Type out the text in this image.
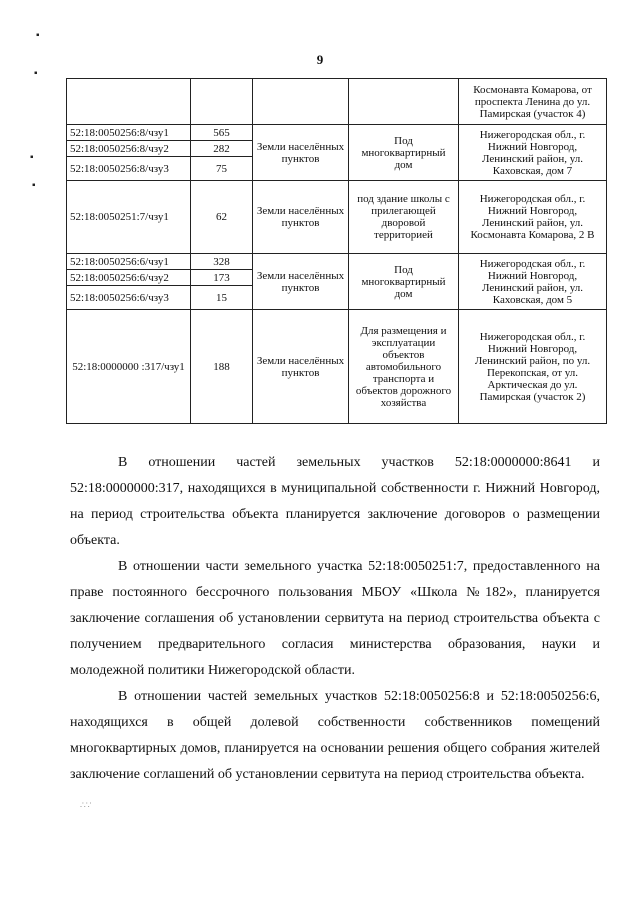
▪
▪
▪
▪
9
				Космонавта Комарова, от проспекта Ленина до ул. Памирская (участок 4)
52:18:0050256:8/чзу1	565	Земли населённых пунктов	Под многоквартирный дом	Нижегородская обл., г. Нижний Новгород, Ленинский район, ул. Каховская, дом 7
52:18:0050256:8/чзу2	282			
52:18:0050256:8/чзу3	75			
52:18:0050251:7/чзу1	62	Земли населённых пунктов	под здание школы с прилегающей дворовой территорией	Нижегородская обл., г. Нижний Новгород, Ленинский район, ул. Космонавта Комарова, 2 В
52:18:0050256:6/чзу1	328	Земли населённых пунктов	Под многоквартирный дом	Нижегородская обл., г. Нижний Новгород, Ленинский район, ул. Каховская, дом 5
52:18:0050256:6/чзу2	173			
52:18:0050256:6/чзу3	15			
52:18:0000000 :317/чзу1	188	Земли населённых пунктов	Для размещения и эксплуатации объектов автомобильного транспорта и объектов дорожного хозяйства	Нижегородская обл., г. Нижний Новгород, Ленинский район, по ул. Перекопская, от ул. Арктическая до ул. Памирская (участок 2)
В отношении частей земельных участков 52:18:0000000:8641 и 52:18:0000000:317, находящихся в муниципальной собственности г. Нижний Новгород, на период строительства объекта планируется заключение договоров о размещении объекта.
В отношении части земельного участка 52:18:0050251:7, предоставленного на праве постоянного бессрочного пользования МБОУ «Школа №182», планируется заключение соглашения об установлении сервитута на период строительства объекта с получением предварительного согласия министерства образования, науки и молодежной политики Нижегородской области.
В отношении частей земельных участков 52:18:0050256:8 и 52:18:0050256:6, находящихся в общей долевой собственности собственников помещений многоквартирных домов, планируется на основании решения общего собрания жителей заключение соглашений об установлении сервитута на период строительства объекта.
∴∵
